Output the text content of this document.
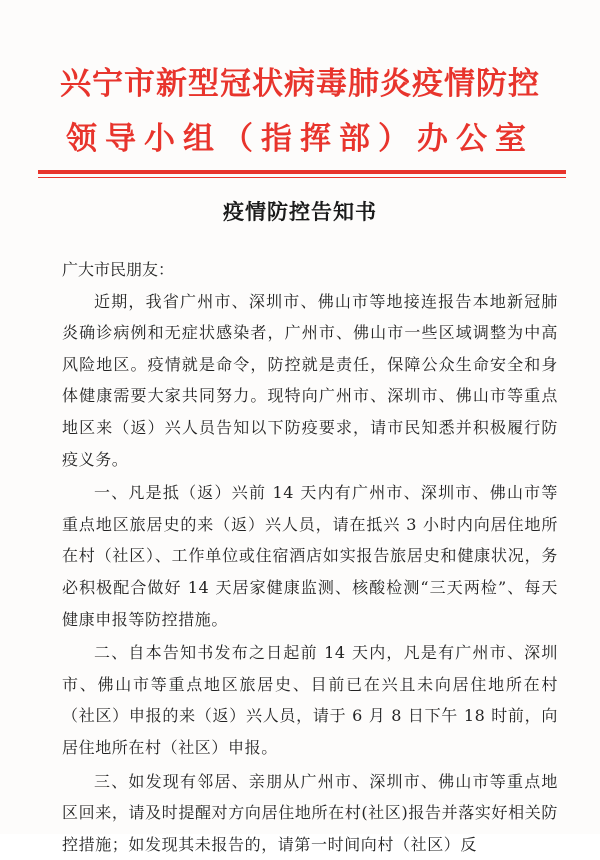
兴宁市新型冠状病毒肺炎疫情防控
领导小组（指挥部）办公室
疫情防控告知书

广大市民朋友：

近期，我省广州市、深圳市、佛山市等地接连报告本地新冠肺炎确诊病例和无症状感染者，广州市、佛山市一些区域调整为中高风险地区。疫情就是命令，防控就是责任，保障公众生命安全和身体健康需要大家共同努力。现特向广州市、深圳市、佛山市等重点地区来（返）兴人员告知以下防疫要求，请市民知悉并积极履行防疫义务。

一、凡是抵（返）兴前 14 天内有广州市、深圳市、佛山市等重点地区旅居史的来（返）兴人员，请在抵兴 3 小时内向居住地所在村（社区）、工作单位或住宿酒店如实报告旅居史和健康状况，务必积极配合做好 14 天居家健康监测、核酸检测“三天两检”、每天健康申报等防控措施。

二、自本告知书发布之日起前 14 天内，凡是有广州市、深圳市、佛山市等重点地区旅居史、目前已在兴且未向居住地所在村（社区）申报的来（返）兴人员，请于 6 月 8 日下午 18 时前，向居住地所在村（社区）申报。

三、如发现有邻居、亲朋从广州市、深圳市、佛山市等重点地区回来，请及时提醒对方向居住地所在村(社区)报告并落实好相关防控措施；如发现其未报告的，请第一时间向村（社区）反
